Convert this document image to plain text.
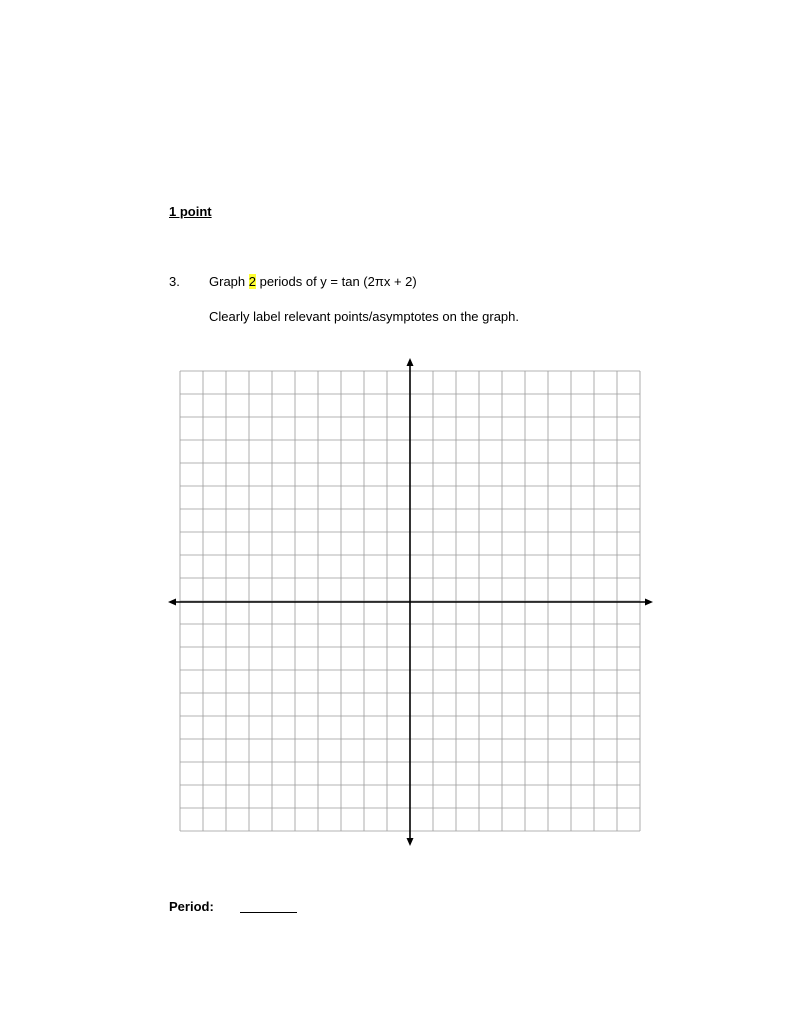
1 point
3. Graph 2 periods of y = tan (2πx + 2)
Clearly label relevant points/asymptotes on the graph.
Period:
